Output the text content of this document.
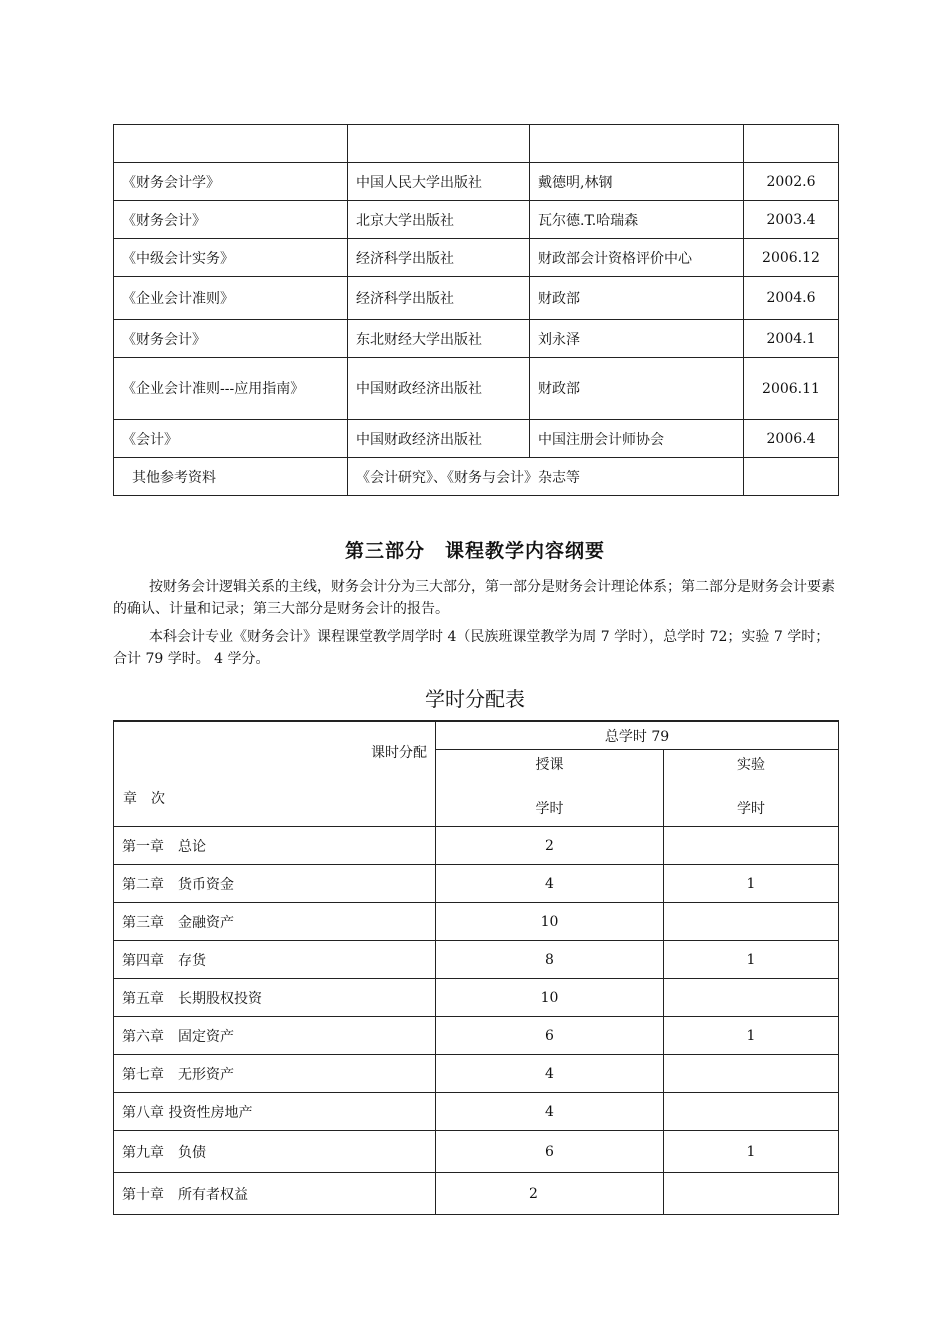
《财务会计学》	中国人民大学出版社	戴德明,林钢	2002.6
《财务会计》	北京大学出版社	瓦尔德.T.哈瑞森	2003.4
《中级会计实务》	经济科学出版社	财政部会计资格评价中心	2006.12
《企业会计准则》	经济科学出版社	财政部	2004.6
《财务会计》	东北财经大学出版社	刘永泽	2004.1
《企业会计准则---应用指南》	中国财政经济出版社	财政部	2006.11
《会计》	中国财政经济出版社	中国注册会计师协会	2006.4
其他参考资料	《会计研究》、《财务与会计》杂志等		
第三部分　课程教学内容纲要

按财务会计逻辑关系的主线，财务会计分为三大部分，第一部分是财务会计理论体系；第二部分是财务会计要素的确认、计量和记录；第三大部分是财务会计的报告。

本科会计专业《财务会计》课程课堂教学周学时 4（民族班课堂教学为周 7 学时），总学时 72；实验 7 学时；合计 79 学时。 4 学分。

学时分配表
课时分配
章　次	总学时 79	
	授课
学时	实验
学时

第一章　总论	2	
第二章　货币资金	4	1
第三章　金融资产	10	
第四章　存货	8	1
第五章　长期股权投资	10	
第六章　固定资产	6	1
第七章　无形资产	4	
第八章 投资性房地产	4	
第九章　负债	6	1
第十章　所有者权益	2	
